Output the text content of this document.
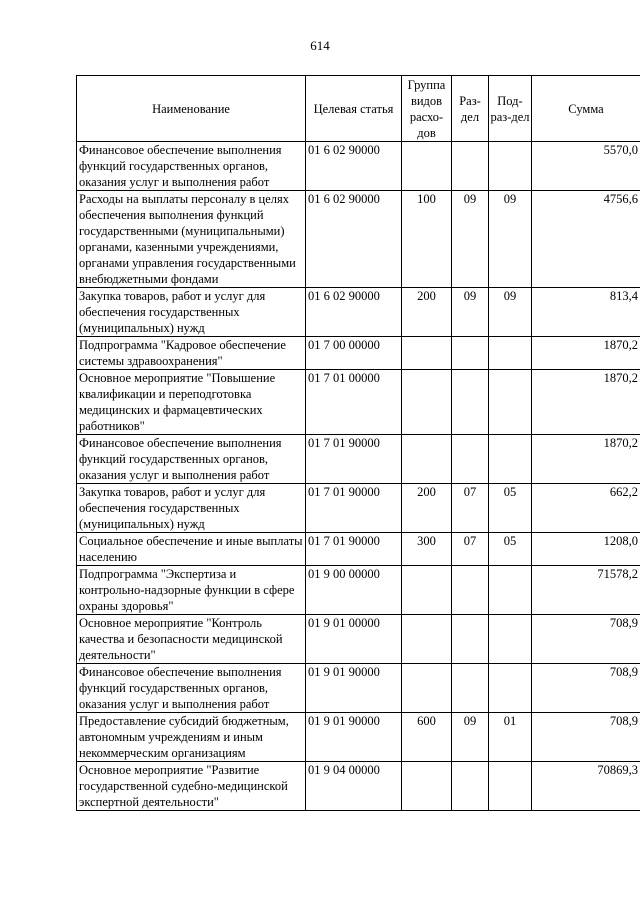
614
Наименование	Целевая статья	Группа видов расхо-дов	Раз-дел	Под-раз-дел	Сумма
Финансовое обеспечение выполнения функций государственных органов, оказания услуг и выполнения работ	01 6 02 90000				5570,0
Расходы на выплаты персоналу в целях обеспечения выполнения функций государственными (муниципальными) органами, казенными учреждениями, органами управления государственными внебюджетными фондами	01 6 02 90000	100	09	09	4756,6
Закупка товаров, работ и услуг для обеспечения государственных (муниципальных) нужд	01 6 02 90000	200	09	09	813,4
Подпрограмма "Кадровое обеспечение системы здравоохранения"	01 7 00 00000				1870,2
Основное мероприятие "Повышение квалификации и переподготовка медицинских и фармацевтических работников"	01 7 01 00000				1870,2
Финансовое обеспечение выполнения функций государственных органов, оказания услуг и выполнения работ	01 7 01 90000				1870,2
Закупка товаров, работ и услуг для обеспечения государственных (муниципальных) нужд	01 7 01 90000	200	07	05	662,2
Социальное обеспечение и иные выплаты населению	01 7 01 90000	300	07	05	1208,0
Подпрограмма "Экспертиза и контрольно-надзорные функции в сфере охраны здоровья"	01 9 00 00000				71578,2
Основное мероприятие "Контроль качества и безопасности медицинской деятельности"	01 9 01 00000				708,9
Финансовое обеспечение выполнения функций государственных органов, оказания услуг и выполнения работ	01 9 01 90000				708,9
Предоставление субсидий бюджетным, автономным учреждениям и иным некоммерческим организациям	01 9 01 90000	600	09	01	708,9
Основное мероприятие "Развитие государственной судебно-медицинской экспертной деятельности"	01 9 04 00000				70869,3
